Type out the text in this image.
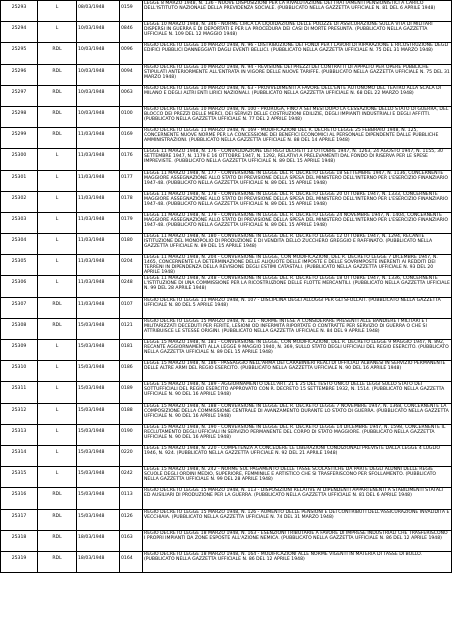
25293	L	08/03/1948	0159	LEGGE 8 MARZO 1948, N. 136 - NUOVE DISPOSIZIONI PER LA RIVALUTAZIONE DEI TRATTAMENTI PENSIONISTICI A CARICO DELL'ISTITUTO NAZIONALE DELLA PREVIDENZA SOCIALE. (PUBBLICATO NELLA GAZZETTA UFFICIALE N. 81 DEL 6 APRILE 1948)
25294	L	10/03/1948	0846	LEGGE 10 MARZO 1948, N. 346 - NORME CIRCA LA LIQUIDAZIONE DELLE POLIZZE DI ASSICURAZIONE SULLA VITA DI MILITARI DISPERSI IN GUERRA E DI DEPORTATI E PER LA PROCEDURA DEI CASI DI MORTE PRESUNTA. (PUBBLICATO NELLA GAZZETTA UFFICIALE N. 109 DEL 12 MAGGIO 1948)
25295	RDL	10/03/1948	0096	REGIO DECRETO LEGGE 10 MARZO 1948, N. 96 - DISTRIBUZIONE DEI FONDI PER I LAVORI DI RIPARAZIONE E RICOSTRUZIONE DEGLI EDIFICI PUBBLICI DANNEGGIATI DAGLI EVENTI BELLICI. (PUBBLICATO NELLA GAZZETTA UFFICIALE N. 75 DEL 31 MARZO 1948)
25296	RDL	10/03/1948	0094	REGIO DECRETO LEGGE 10 MARZO 1948, N. 94 - REVISIONE DEI PREZZI DEI CONTRATTI DI APPALTO PER OPERE PUBBLICHE STIPULATI ANTERIORMENTE ALL'ENTRATA IN VIGORE DELLE NUOVE TARIFFE. (PUBBLICATO NELLA GAZZETTA UFFICIALE N. 75 DEL 31 MARZO 1948)
25297	RDL	10/03/1948	0063	REGIO DECRETO LEGGE 10 MARZO 1948, N. 63 - PROVVEDIMENTI A FAVORE DELL'ENTE AUTONOMO DEL TEATRO ALLA SCALA DI MILANO E DEGLI ALTRI ENTI LIRICI NAZIONALI. (PUBBLICATO NELLA GAZZETTA UFFICIALE N. 68 DEL 22 MARZO 1948)
25298	RDL	10/03/1948	0100	REGIO DECRETO LEGGE 10 MARZO 1948, N. 100 - PROROGA, FINO A SEI MESI DOPO LA CESSAZIONE DELLO STATO DI GUERRA, DEL BLOCCO DEI PREZZI DELLE MERCI, DEI SERVIZI DELLE COSTRUZIONI EDILIZIE, DEGLI IMPIANTI INDUSTRIALI E DEGLI AFFITTI. (PUBBLICATO NELLA GAZZETTA UFFICIALE N. 77 DEL 2 APRILE 1948)
25299	RDL	11/03/1948	0169	REGIO DECRETO LEGGE 11 MARZO 1948, N. 169 - MODIFICAZIONI DEL R. DECRETO LEGGE 25 FEBBRAIO 1948, N. 125, CONCERNENTE NUOVE NORME PER LA CONCESSIONE DEI BENEFICI ECONOMICI AL PERSONALE DIPENDENTE DALLE PUBBLICHE AMMINISTRAZIONI. (PUBBLICATO NELLA GAZZETTA UFFICIALE N. 88 DEL 14 APRILE 1948)
25300	L	11/03/1948	0176	LEGGE 11 MARZO 1948, N. 176 - CONVALIDAZIONE DEI REGI DECRETI 13 OTTOBRE 1947, N. 1263, 24 AGOSTO 1947, N. 1155, 30 SETTEMBRE 1947, N. 1179 E 16 OTTOBRE 1947, N. 1292, RELATIVI A PRELEVAMENTI DAL FONDO DI RISERVA PER LE SPESE IMPREVISTE. (PUBBLICATO NELLA GAZZETTA UFFICIALE N. 89 DEL 15 APRILE 1948)
25301	L	11/03/1948	0177	LEGGE 11 MARZO 1948, N. 177 - CONVERSIONE IN LEGGE DEL R. DECRETO LEGGE 18 SETTEMBRE 1947, N. 1136, CONCERNENTE MAGGIORE ASSEGNAZIONE ALLO STATO DI PREVISIONE DELLA SPESA DEL MINISTERO DELL'INTERNO PER L'ESERCIZIO FINANZIARIO 1947-48. (PUBBLICATO NELLA GAZZETTA UFFICIALE N. 89 DEL 15 APRILE 1948)
25302	L	11/03/1948	0178	LEGGE 11 MARZO 1948, N. 178 - CONVERSIONE IN LEGGE DEL R. DECRETO LEGGE 20 OTTOBRE 1947, N. 1333, CONCERNENTE MAGGIORE ASSEGNAZIONE ALLO STATO DI PREVISIONE DELLA SPESA DEL MINISTERO DELL'INTERNO PER L'ESERCIZIO FINANZIARIO 1947-48. (PUBBLICATO NELLA GAZZETTA UFFICIALE N. 89 DEL 15 APRILE 1948)
25303	L	11/03/1948	0179	LEGGE 11 MARZO 1948, N. 179 - CONVERSIONE IN LEGGE DEL R. DECRETO LEGGE 24 NOVEMBRE 1947, N. 1404, CONCERNENTE MAGGIORE ASSEGNAZIONE ALLO STATO DI PREVISIONE DELLA SPESA DEL MINISTERO DELL'INTERNO PER L'ESERCIZIO FINANZIARIO 1947-48. (PUBBLICATO NELLA GAZZETTA UFFICIALE N. 89 DEL 15 APRILE 1948)
25304	L	11/03/1948	0180	LEGGE 11 MARZO 1948, N. 180 - CONVERSIONE IN LEGGE DEL R. DECRETO LEGGE 12 OTTOBRE 1947, N. 1294, RECANTE ISTITUZIONE DEL MONOPOLIO DI PRODUZIONE E DI VENDITA DELLO ZUCCHERO GREGGIO E RAFFINATO. (PUBBLICATO NELLA GAZZETTA UFFICIALE N. 89 DEL 15 APRILE 1948)
25305	L	11/03/1948	0204	LEGGE 11 MARZO 1948, N. 204 - CONVERSIONE IN LEGGE, CON MODIFICAZIONI, DEL R. DECRETO LEGGE 7 DICEMBRE 1947, N. 1465, CONCERNENTE LA DETERMINAZIONE DELLE ALIQUOTE DELLE IMPOSTE E DELLE SOVRIMPOSTE INERENTI AI REDDITI DEI TERRENI IN DIPENDENZA DELLA REVISIONE DEGLI ESTIMI CATASTALI. (PUBBLICATO NELLA GAZZETTA UFFICIALE N. 93 DEL 20 APRILE 1948)
25306	L	11/03/1948	0248	LEGGE 11 MARZO 1948, N. 248 - CONVERSIONE IN LEGGE DEL R. DECRETO LEGGE 18 OTTOBRE 1947, N. 1336, CONCERNENTE L'ISTITUZIONE DI UNA COMMISSIONE PER LA RICOSTRUZIONE DELLE FLOTTE MERCANTILI. (PUBBLICATO NELLA GAZZETTA UFFICIALE N. 99 DEL 28 APRILE 1948)
25307	RDL	11/03/1948	0107	REGIO DECRETO LEGGE 11 MARZO 1948, N. 107 - DISCIPLINA DEGLI ALLOGGI PER GLI SFOLLATI. (PUBBLICATO NELLA GAZZETTA UFFICIALE N. 80 DEL 5 APRILE 1948)
25308	RDL	15/03/1948	0121	REGIO DECRETO LEGGE 15 MARZO 1948, N. 121 - NORME INTESE A CONSIDERARE PRESENTI ALLE BANDIERE I MILITARI E I MILITARIZZATI DECEDUTI PER FERITE, LESIONI OD INFERMITÀ RIPORTATE O CONTRATTE PER SERVIZIO DI GUERRA O CHE SI ATTRIBUISCE LE STESSE ORIGINI. (PUBBLICATO NELLA GAZZETTA UFFICIALE N. 84 DEL 9 APRILE 1948)
25309	L	15/03/1948	0181	LEGGE 15 MARZO 1948, N. 181 - CONVERSIONE IN LEGGE, CON MODIFICAZIONI, DEL R. DECRETO LEGGE 9 MAGGIO 1947, N. 892, RECANTE AGGIORNAMENTI ALLA LEGGE 9 MAGGIO 1940, N. 369, SULLO STATO DEGLI UFFICIALI DEL REGIO ESERCITO. (PUBBLICATO NELLA GAZZETTA UFFICIALE N. 89 DEL 15 APRILE 1948)
25310	L	15/03/1948	0186	LEGGE 15 MARZO 1948, N. 186 - PASSAGGIO NELL'ARMA DEI CARABINIERI REALI DI UFFICIALI ALBANESI IN SERVIZIO PERMANENTE DELLE ALTRE ARMI DEL REGIO ESERCITO. (PUBBLICATO NELLA GAZZETTA UFFICIALE N. 90 DEL 16 APRILE 1948)
25311	L	15/03/1948	0189	LEGGE 15 MARZO 1948, N. 189 - AGGIORNAMENTO DELL'ART. 21 E 25 DEL TESTO UNICO DELLE LEGGI SULLO STATO DEI SOTTUFFICIALI DEL REGIO ESERCITO APPROVATO CON R. DECRETO 15 SETTEMBRE 1932, N. 1514. (PUBBLICATO NELLA GAZZETTA UFFICIALE N. 90 DEL 16 APRILE 1948)
25312	L	15/03/1948	0188	LEGGE 15 MARZO 1948, N. 188 - CONVERSIONE IN LEGGE DEL R. DECRETO LEGGE 7 NOVEMBRE 1947, N. 1368, CONCERNENTE LA COMPOSIZIONE DELLA COMMISSIONE CENTRALE DI AVANZAMENTO DURANTE LO STATO DI GUERRA. (PUBBLICATO NELLA GAZZETTA UFFICIALE N. 90 DEL 16 APRILE 1948)
25313	L	15/03/1948	0190	LEGGE 15 MARZO 1948, N. 190 - CONVERSIONE IN LEGGE DEL R. DECRETO LEGGE 14 DICEMBRE 1947, N. 1598, CONCERNENTE IL RECLUTAMENTO DEGLI UFFICIALI IN SERVIZIO PERMANENTE DEL CORPO DI STATO MAGGIORE. (PUBBLICATO NELLA GAZZETTA UFFICIALE N. 90 DEL 16 APRILE 1948)
25314	L	15/03/1948	0220	LEGGE 15 MARZO 1948, N. 220 - COMPETENZA A CONCEDERE LE LIBERAZIONI CONDIZIONALI PREVISTE DALLA LEGGE 4 LUGLIO 1946, N. 924. (PUBBLICATO NELLA GAZZETTA UFFICIALE N. 92 DEL 21 APRILE 1948)
25315	L	15/03/1948	0242	LEGGE 15 MARZO 1948, N. 242 - NORME SUL PAGAMENTO DELLE TASSE SCOLASTICHE DA PARTE DEGLI ALUNNI DELLE REGIE SCUOLE DEGLI ORDINI MEDIO, SUPERIORE, FEMMINILE E ARTISTICO CHE SI TRASFERISCONO PER SFOLLAMENTO. (PUBBLICATO NELLA GAZZETTA UFFICIALE N. 99 DEL 28 APRILE 1948)
25316	RDL	15/03/1948	0113	REGIO DECRETO LEGGE 15 MARZO 1948, N. 113 - DISPOSIZIONI RELATIVE AI DIPENDENTI APPARTENENTI A STABILIMENTI STATALI ED AUSILIARI DI PRODUZIONE PER LA GUERRA. (PUBBLICATO NELLA GAZZETTA UFFICIALE N. 81 DEL 6 APRILE 1948)
25317	RDL	15/03/1948	0126	REGIO DECRETO LEGGE 15 MARZO 1948, N. 126 - AUMENTO DELLE PENSIONI E DEI CONTRIBUTI DELL'ASSICURAZIONE INVALIDITÀ E VECCHIAIA. (PUBBLICATO NELLA GAZZETTA UFFICIALE N. 74 DEL 31 MARZO 1948)
25318	RDL	18/03/1948	0163	REGIO DECRETO LEGGE 18 MARZO 1948, N. 163 - ESENZIONI TRIBUTARIE A FAVORE DI IMPRESE INDUSTRIALI CHE TRASFERISCONO I PROPRI IMPIANTI DA ZONE ESPOSTE ALL'AZIONE NEMICA. (PUBBLICATO NELLA GAZZETTA UFFICIALE N. 86 DEL 12 APRILE 1948)
25319	RDL	18/03/1948	0164	REGIO DECRETO LEGGE 18 MARZO 1948, N. 164 - MODIFICAZIONI ALLE NORME VIGENTI IN MATERIA DI TASSE DI BOLLO. (PUBBLICATO NELLA GAZZETTA UFFICIALE N. 86 DEL 12 APRILE 1948)
